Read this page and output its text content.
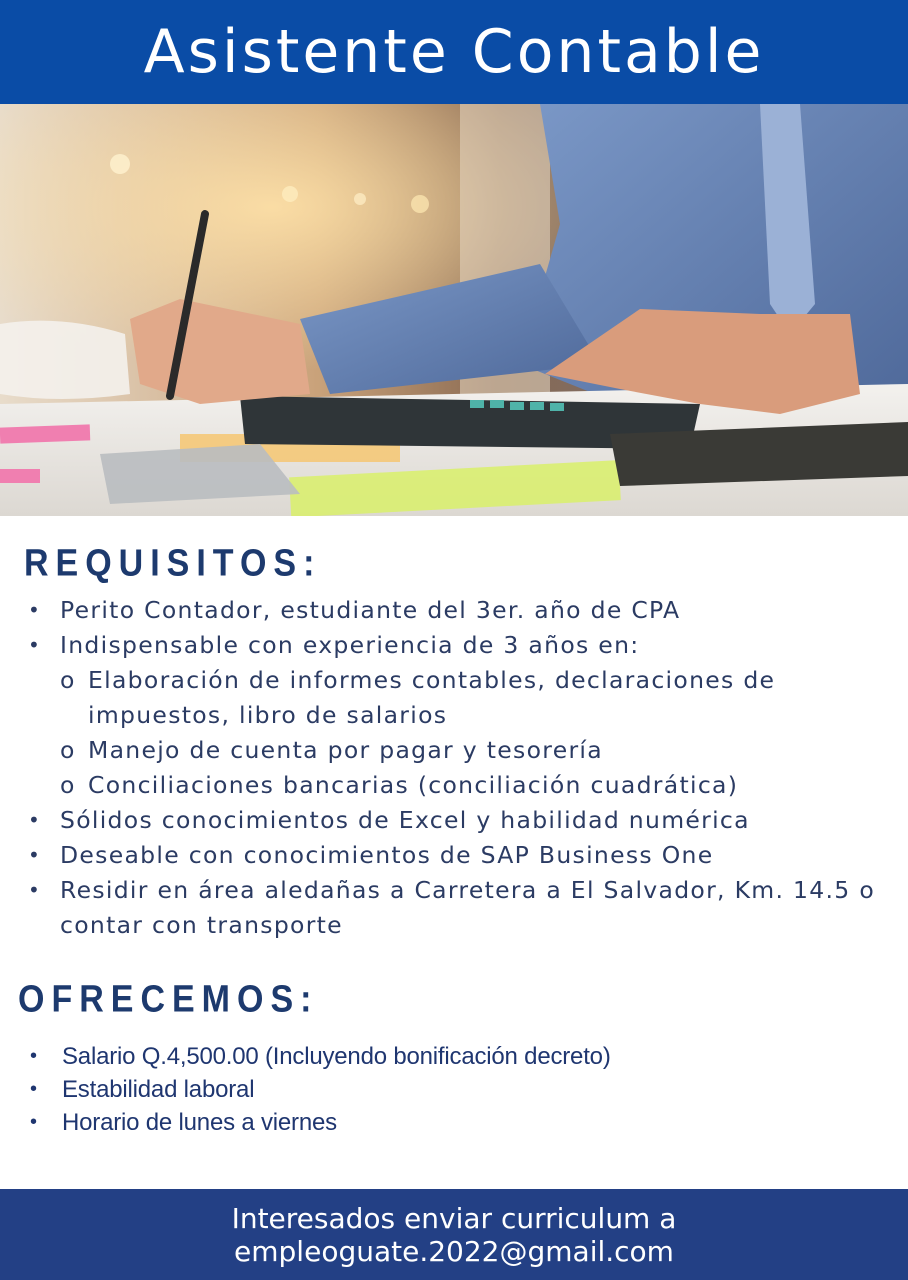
Asistente Contable
REQUISITOS:
• Perito Contador, estudiante del 3er. año de CPA
• Indispensable con experiencia de 3 años en:
o Elaboración de informes contables, declaraciones de impuestos, libro de salarios
o Manejo de cuenta por pagar y tesorería
o Conciliaciones bancarias (conciliación cuadrática)
• Sólidos conocimientos de Excel y habilidad numérica
• Deseable con conocimientos de SAP Business One
• Residir en área aledañas a Carretera a El Salvador, Km. 14.5 o contar con transporte
OFRECEMOS:
• Salario Q.4,500.00 (Incluyendo bonificación decreto)
• Estabilidad laboral
• Horario de lunes a viernes
Interesados enviar curriculum a
empleoguate.2022@gmail.com
